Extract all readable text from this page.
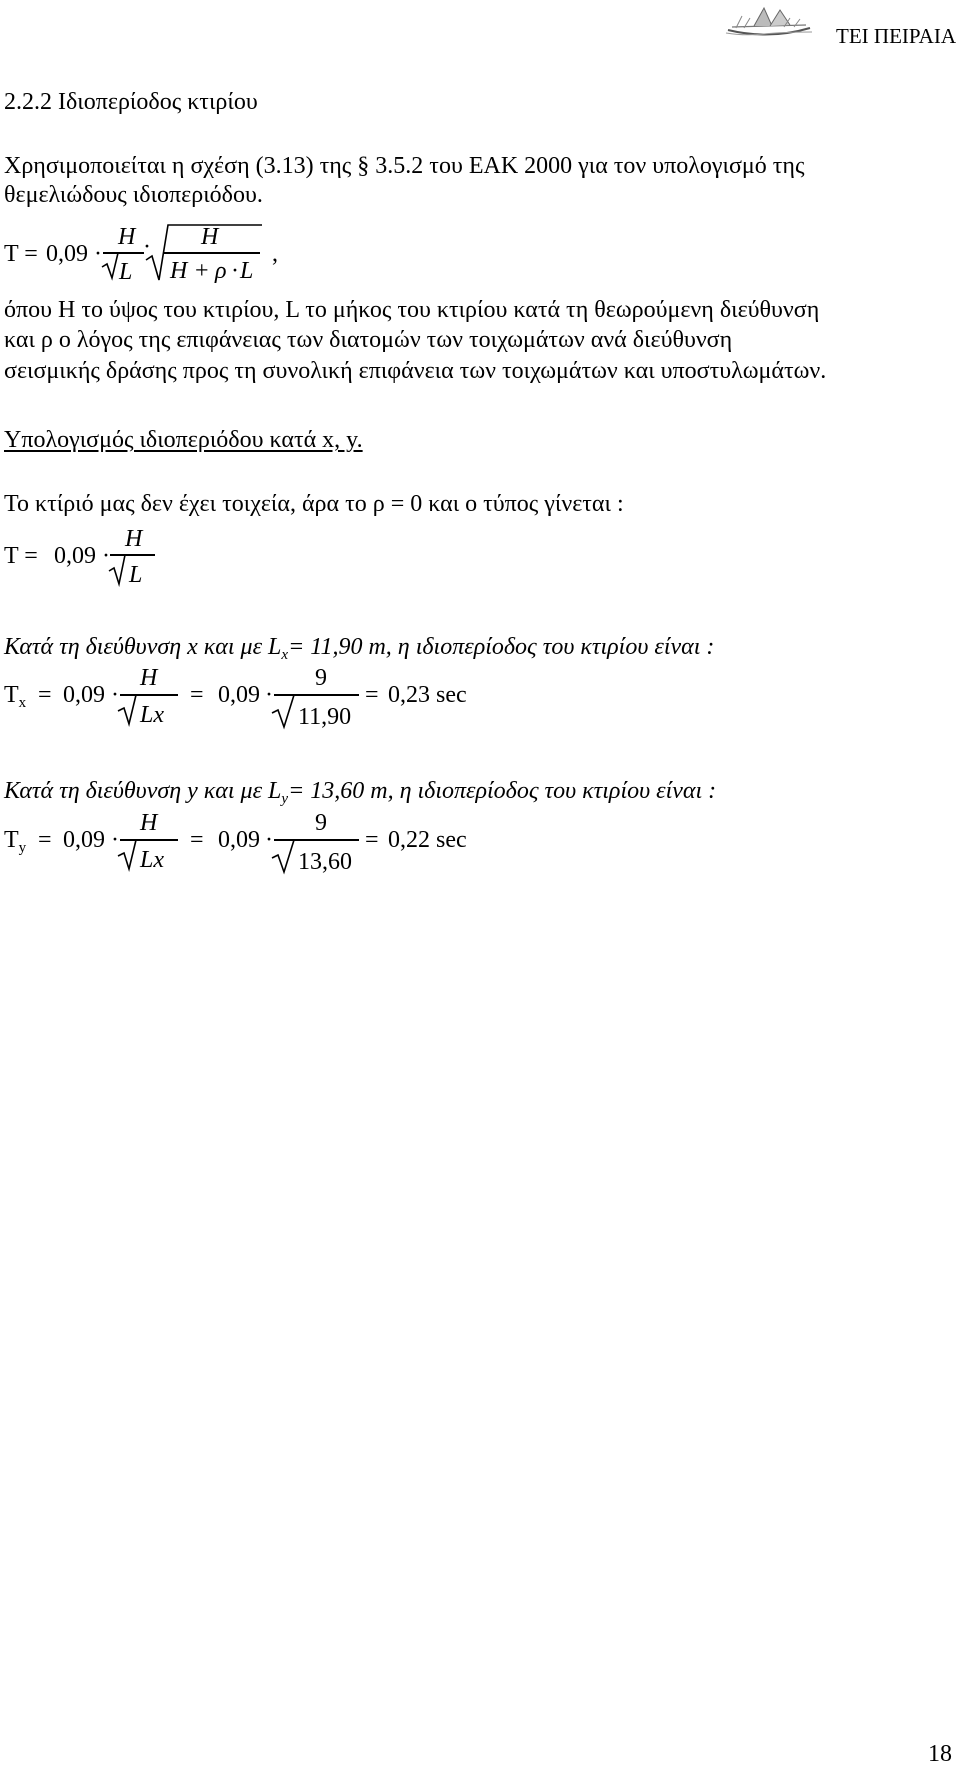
ΤΕΙ ΠΕΙΡΑΙΑ
2.2.2 Ιδιοπερίοδος κτιρίου
Χρησιμοποιείται η σχέση (3.13) της § 3.5.2 του ΕΑΚ 2000 για τον υπολογισμό της
θεμελιώδους ιδιοπεριόδου.
T = 0,09 ·
H
L
· H
H + ρ · L
,
όπου Η το ύψος του κτιρίου, L το μήκος του κτιρίου κατά τη θεωρούμενη διεύθυνση
και ρ ο λόγος της επιφάνειας των διατομών των τοιχωμάτων ανά διεύθυνση
σεισμικής δράσης προς τη συνολική επιφάνεια των τοιχωμάτων και υποστυλωμάτων.
Υπολογισμός ιδιοπεριόδου κατά x, y.
Το κτίριό μας δεν έχει τοιχεία, άρα το ρ = 0 και ο τύπος γίνεται :
T = 0,09 ·
H
L
Κατά τη διεύθυνση x και με $L_x= 11,90$ m, η ιδιοπερίοδος του κτιρίου είναι :
$T_x = 0,09$ ·
H
Lx
= 0,09 ·
9
11,90
= 0,23 sec
Κατά τη διεύθυνση y και με $L_y= 13,60$ m, η ιδιοπερίοδος του κτιρίου είναι :
$T_y = 0,09$ ·
H
Lx
= 0,09 ·
9
13,60
= 0,22 sec
18
